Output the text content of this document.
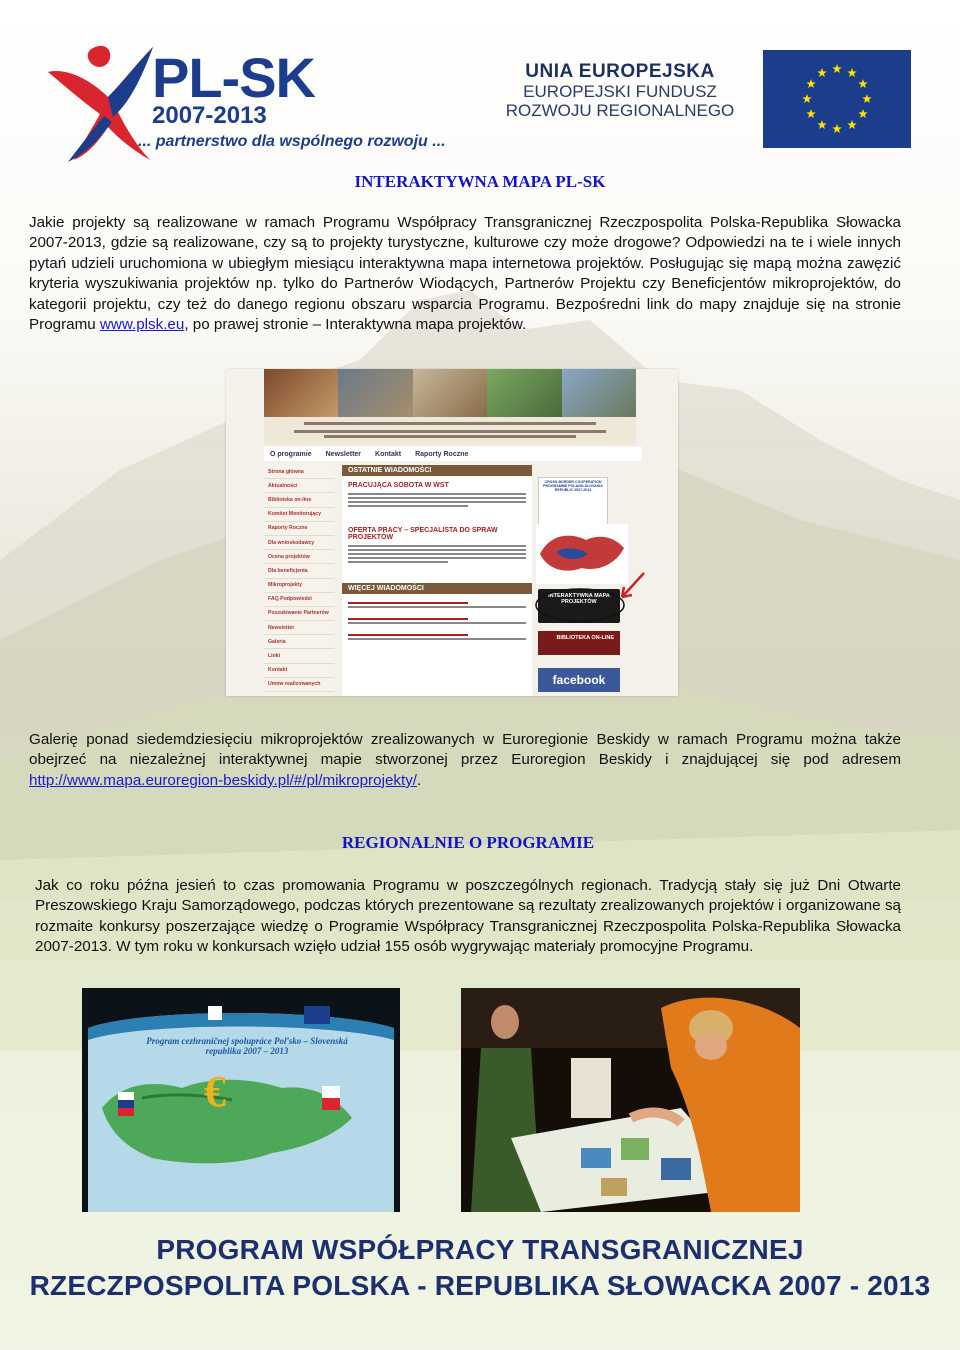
PL-SK
2007-2013
... partnerstwo dla wspólnego rozwoju ...
UNIA EUROPEJSKA
EUROPEJSKI FUNDUSZ
ROZWOJU REGIONALNEGO
INTERAKTYWNA MAPA PL-SK
Jakie projekty są realizowane w ramach Programu Współpracy Transgranicznej Rzeczpospolita Polska-Republika Słowacka 2007-2013, gdzie są realizowane, czy są to projekty turystyczne, kulturowe czy może drogowe? Odpowiedzi na te i wiele innych pytań udzieli uruchomiona w ubiegłym miesiącu interaktywna mapa internetowa projektów. Posługując się mapą można zawęzić kryteria wyszukiwania projektów np. tylko do Partnerów Wiodących, Partnerów Projektu czy Beneficjentów mikroprojektów, do kategorii projektu, czy też do danego regionu obszaru wsparcia Programu. Bezpośredni link do mapy znajduje się na stronie Programu www.plsk.eu, po prawej stronie – Interaktywna mapa projektów.
O programie Newsletter Kontakt Raporty Roczne
Strona główna
Aktualności
Biblioteka on-line
Komitet Monitorujący
Raporty Roczne
Dla wnioskodawcy
Ocena projektów
Dla beneficjenta
Mikroprojekty
FAQ Podpowiedzi
Poszukiwanie Partnerów
Newsletter
Galeria
Linki
Kontakt
Umów realizowanych
OSTATNIE WIADOMOŚCI
PRACUJĄCA SOBOTA W WST
OFERTA PRACY – SPECJALISTA DO SPRAW PROJEKTÓW
WIĘCEJ WIADOMOŚCI
CROSS-BORDER COOPERATION PROGRAMME POLAND-SLOVAKIA REPUBLIC 2007-2013
INTERAKTYWNA MAPA PROJEKTÓW
BIBLIOTEKA ON-LINE
facebook
Galerię ponad siedemdziesięciu mikroprojektów zrealizowanych w Euroregionie Beskidy w ramach Programu można także obejrzeć na niezależnej interaktywnej mapie stworzonej przez Euroregion Beskidy i znajdującej się pod adresem http://www.mapa.euroregion-beskidy.pl/#/pl/mikroprojekty/.
REGIONALNIE O PROGRAMIE
Jak co roku późna jesień to czas promowania Programu w poszczególnych regionach. Tradycją stały się już Dni Otwarte Preszowskiego Kraju Samorządowego, podczas których prezentowane są rezultaty zrealizowanych projektów i organizowane są rozmaite konkursy poszerzające wiedzę o Programie Współpracy Transgranicznej Rzeczpospolita Polska-Republika Słowacka 2007-2013. W tym roku w konkursach wzięło udział 155 osób wygrywając materiały promocyjne Programu.
€
Program cezhraničnej spolupráce Poľsko – Slovenská republika 2007 – 2013
PROGRAM WSPÓŁPRACY TRANSGRANICZNEJ
RZECZPOSPOLITA POLSKA - REPUBLIKA SŁOWACKA 2007 - 2013
